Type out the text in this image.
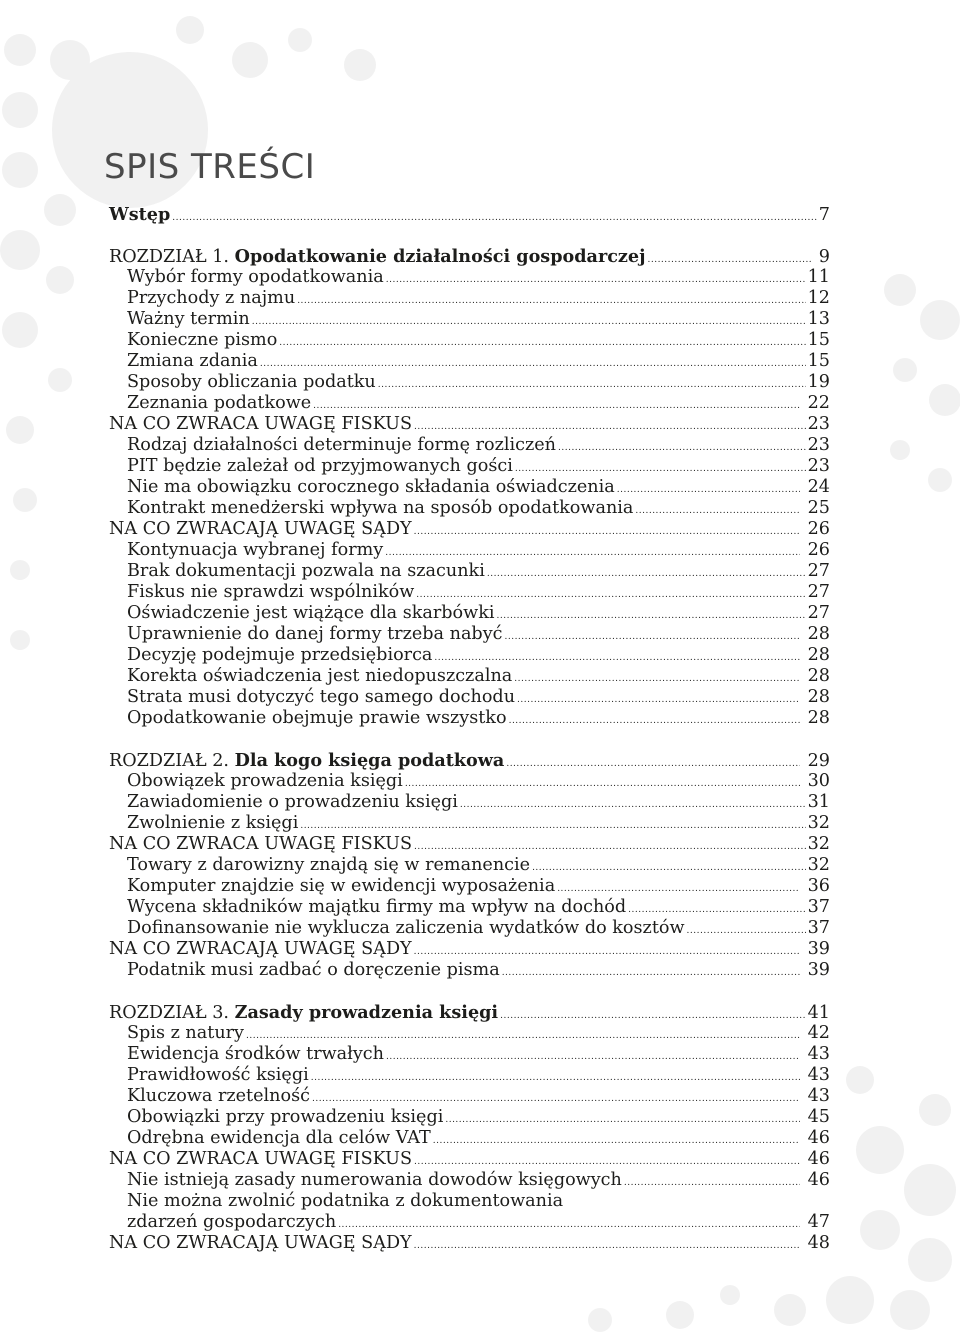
SPIS TREŚCI
Wstęp .....	7
ROZDZIAŁ 1. Opodatkowanie działalności gospodarczej .....	9
Wybór formy opodatkowania .....	11
Przychody z najmu .....	12
Ważny termin .....	13
Konieczne pismo .....	15
Zmiana zdania .....	15
Sposoby obliczania podatku .....	19
Zeznania podatkowe .....	22
NA CO ZWRACA UWAGĘ FISKUS .....	23
Rodzaj działalności determinuje formę rozliczeń .....	23
PIT będzie zależał od przyjmowanych gości .....	23
Nie ma obowiązku corocznego składania oświadczenia .....	24
Kontrakt menedżerski wpływa na sposób opodatkowania .....	25
NA CO ZWRACAJĄ UWAGĘ SĄDY .....	26
Kontynuacja wybranej formy .....	26
Brak dokumentacji pozwala na szacunki .....	27
Fiskus nie sprawdzi wspólników .....	27
Oświadczenie jest wiążące dla skarbówki .....	27
Uprawnienie do danej formy trzeba nabyć .....	28
Decyzję podejmuje przedsiębiorca .....	28
Korekta oświadczenia jest niedopuszczalna .....	28
Strata musi dotyczyć tego samego dochodu .....	28
Opodatkowanie obejmuje prawie wszystko .....	28
ROZDZIAŁ 2. Dla kogo księga podatkowa .....	29
Obowiązek prowadzenia księgi .....	30
Zawiadomienie o prowadzeniu księgi .....	31
Zwolnienie z księgi .....	32
NA CO ZWRACA UWAGĘ FISKUS .....	32
Towary z darowizny znajdą się w remanencie .....	32
Komputer znajdzie się w ewidencji wyposażenia .....	36
Wycena składników majątku firmy ma wpływ na dochód .....	37
Dofinansowanie nie wyklucza zaliczenia wydatków do kosztów .....	37
NA CO ZWRACAJĄ UWAGĘ SĄDY .....	39
Podatnik musi zadbać o doręczenie pisma .....	39
ROZDZIAŁ 3. Zasady prowadzenia księgi .....	41
Spis z natury .....	42
Ewidencja środków trwałych .....	43
Prawidłowość księgi .....	43
Kluczowa rzetelność .....	43
Obowiązki przy prowadzeniu księgi .....	45
Odrębna ewidencja dla celów VAT .....	46
NA CO ZWRACA UWAGĘ FISKUS .....	46
Nie istnieją zasady numerowania dowodów księgowych .....	46
Nie można zwolnić podatnika z dokumentowania
zdarzeń gospodarczych .....	47
NA CO ZWRACAJĄ UWAGĘ SĄDY .....	48
